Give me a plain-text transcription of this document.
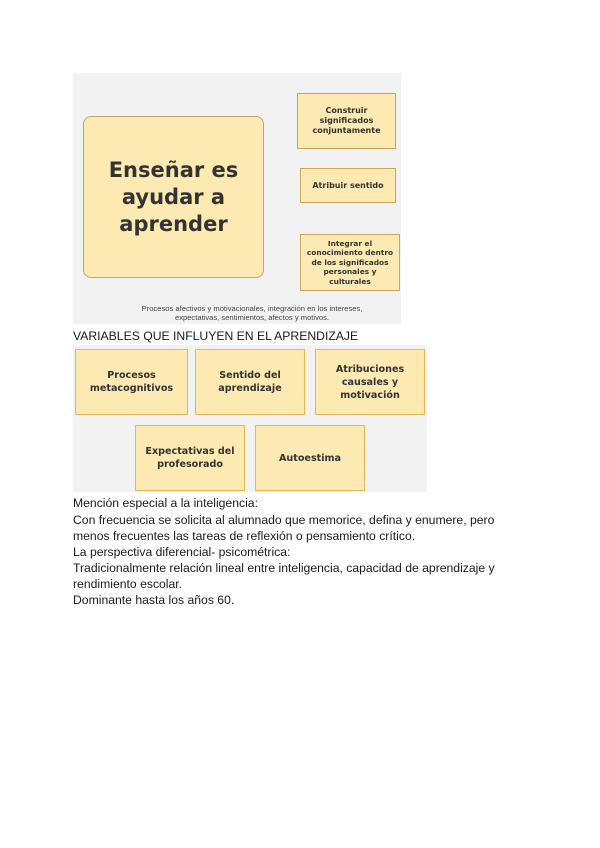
Enseñar es
ayudar a
aprender
Construir
significados
conjuntamente
Atribuir sentido
Integrar el
conocimiento dentro
de los significados
personales y
culturales
Procesos afectivos y motivacionales, integración en los intereses,
expectativas, sentimientos, afectos y motivos.
VARIABLES QUE INFLUYEN EN EL APRENDIZAJE
Procesos
metacognitivos
Sentido del
aprendizaje
Atribuciones
causales y
motivación
Expectativas del
profesorado
Autoestima
Mención especial a la inteligencia:
Con frecuencia se solicita al alumnado que memorice, defina y enumere, pero
menos frecuentes las tareas de reflexión o pensamiento crítico.
La perspectiva diferencial- psicométrica:
Tradicionalmente relación lineal entre inteligencia, capacidad de aprendizaje y
rendimiento escolar.
Dominante hasta los años 60.
